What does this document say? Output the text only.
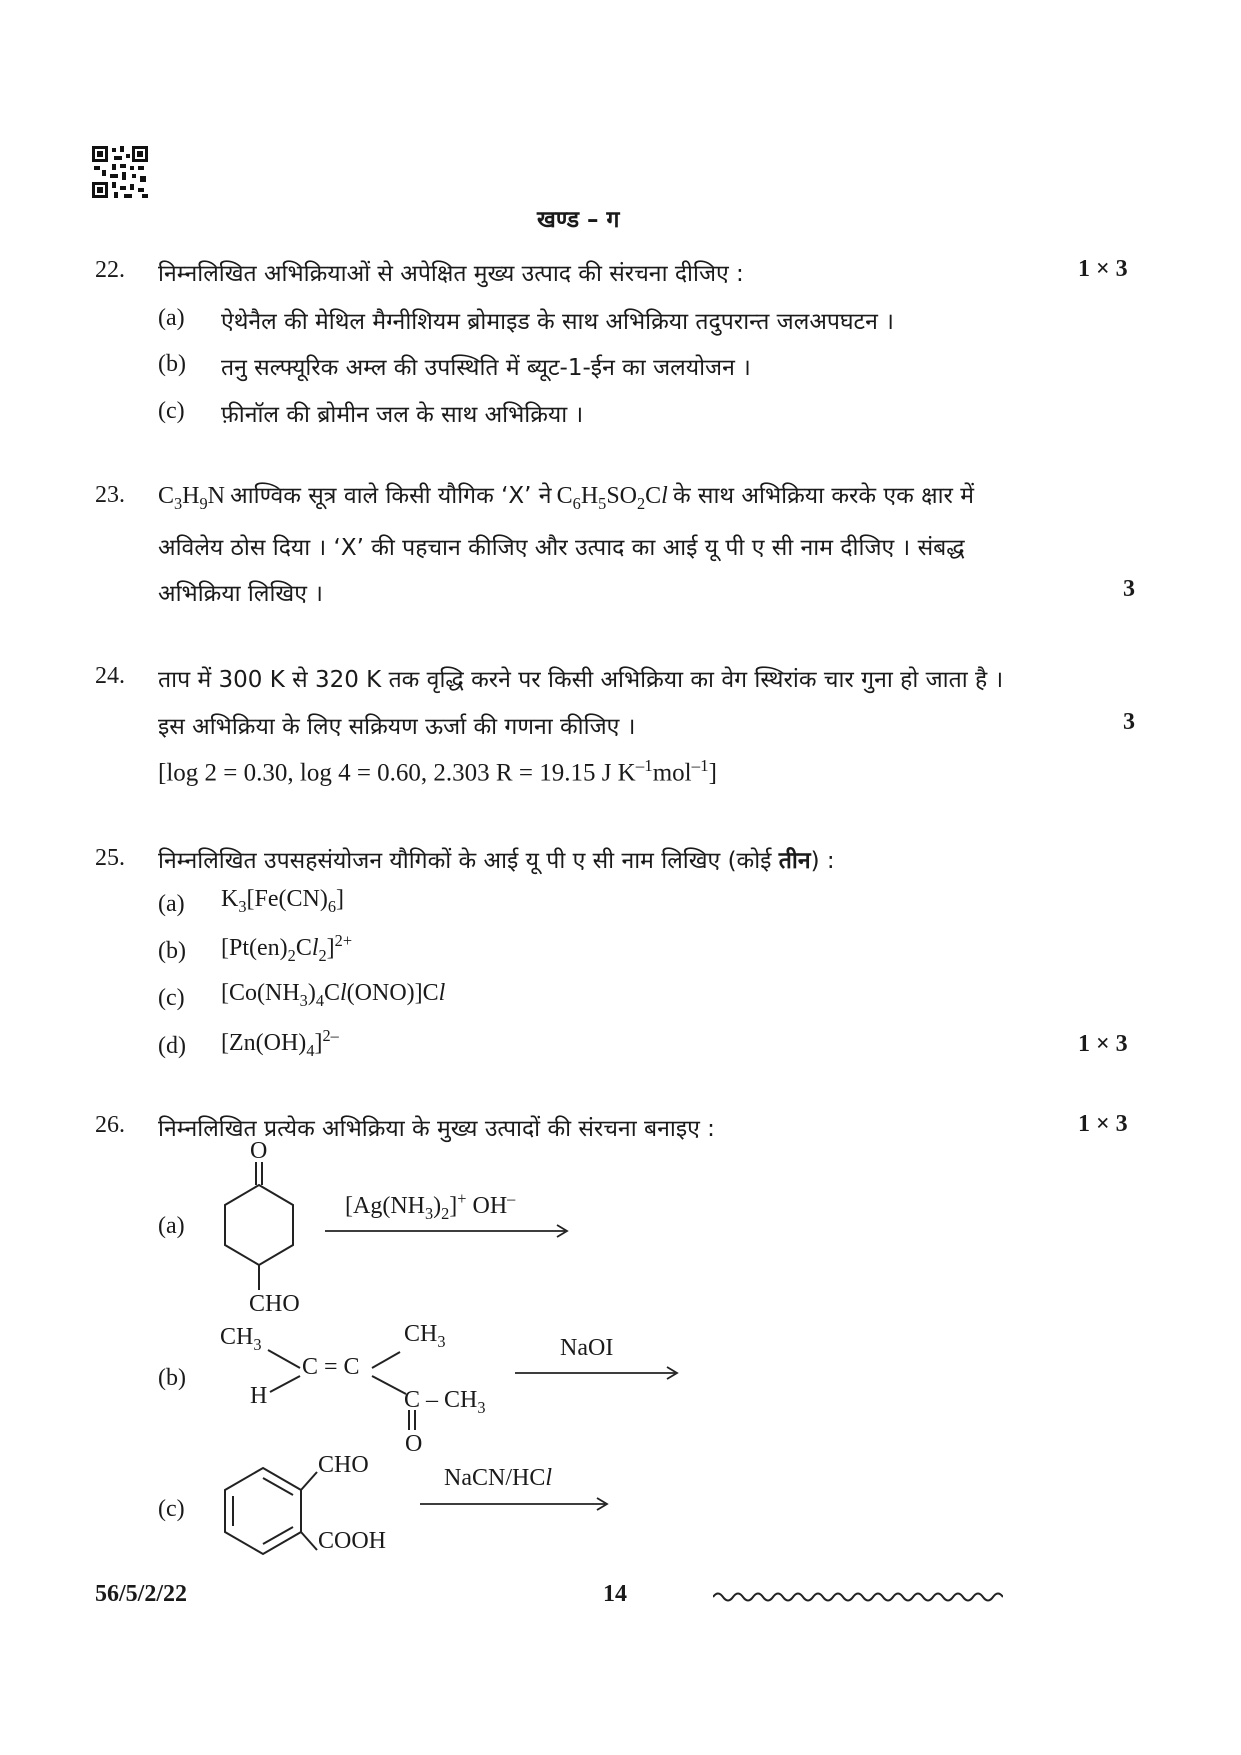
खण्ड – ग
22. निम्नलिखित अभिक्रियाओं से अपेक्षित मुख्य उत्पाद की संरचना दीजिए :	1 × 3
(a) ऐथेनैल की मेथिल मैग्नीशियम ब्रोमाइड के साथ अभिक्रिया तदुपरान्त जलअपघटन ।
(b) तनु सल्फ्यूरिक अम्ल की उपस्थिति में ब्यूट-1-ईन का जलयोजन ।
(c) फ़ीनॉल की ब्रोमीन जल के साथ अभिक्रिया ।
23. $C_3H_9N$ आण्विक सूत्र वाले किसी यौगिक ‘X’ ने $C_6H_5SO_2Cl$ के साथ अभिक्रिया करके एक क्षार में
अविलेय ठोस दिया । ‘X’ की पहचान कीजिए और उत्पाद का आई यू पी ए सी नाम दीजिए । संबद्ध
अभिक्रिया लिखिए ।	3
24. ताप में 300 K से 320 K तक वृद्धि करने पर किसी अभिक्रिया का वेग स्थिरांक चार गुना हो जाता है ।
इस अभिक्रिया के लिए सक्रियण ऊर्जा की गणना कीजिए ।	3
[log 2 = 0.30, log 4 = 0.60, 2.303 R = 19.15 J $K^{-1}mol^{-1}$]
25. निम्नलिखित उपसहसंयोजन यौगिकों के आई यू पी ए सी नाम लिखिए (कोई तीन) :
(a) $K_3[Fe(CN)_6]$
(b) $[Pt(en)_2Cl_2]^{2+}$
(c) $[Co(NH_3)_4Cl(ONO)]Cl$
(d) $[Zn(OH)_4]^{2-}$	1 × 3
26. निम्नलिखित प्रत्येक अभिक्रिया के मुख्य उत्पादों की संरचना बनाइए :	1 × 3
(a)
O
CHO
$[Ag(NH_3)_2]^+$ OH–
(b)
$CH_3$
H
C = C
$CH_3$
C – $CH_3$
O
NaOI
(c)
CHO
COOH
NaCN/HCl
56/5/2/22	14
